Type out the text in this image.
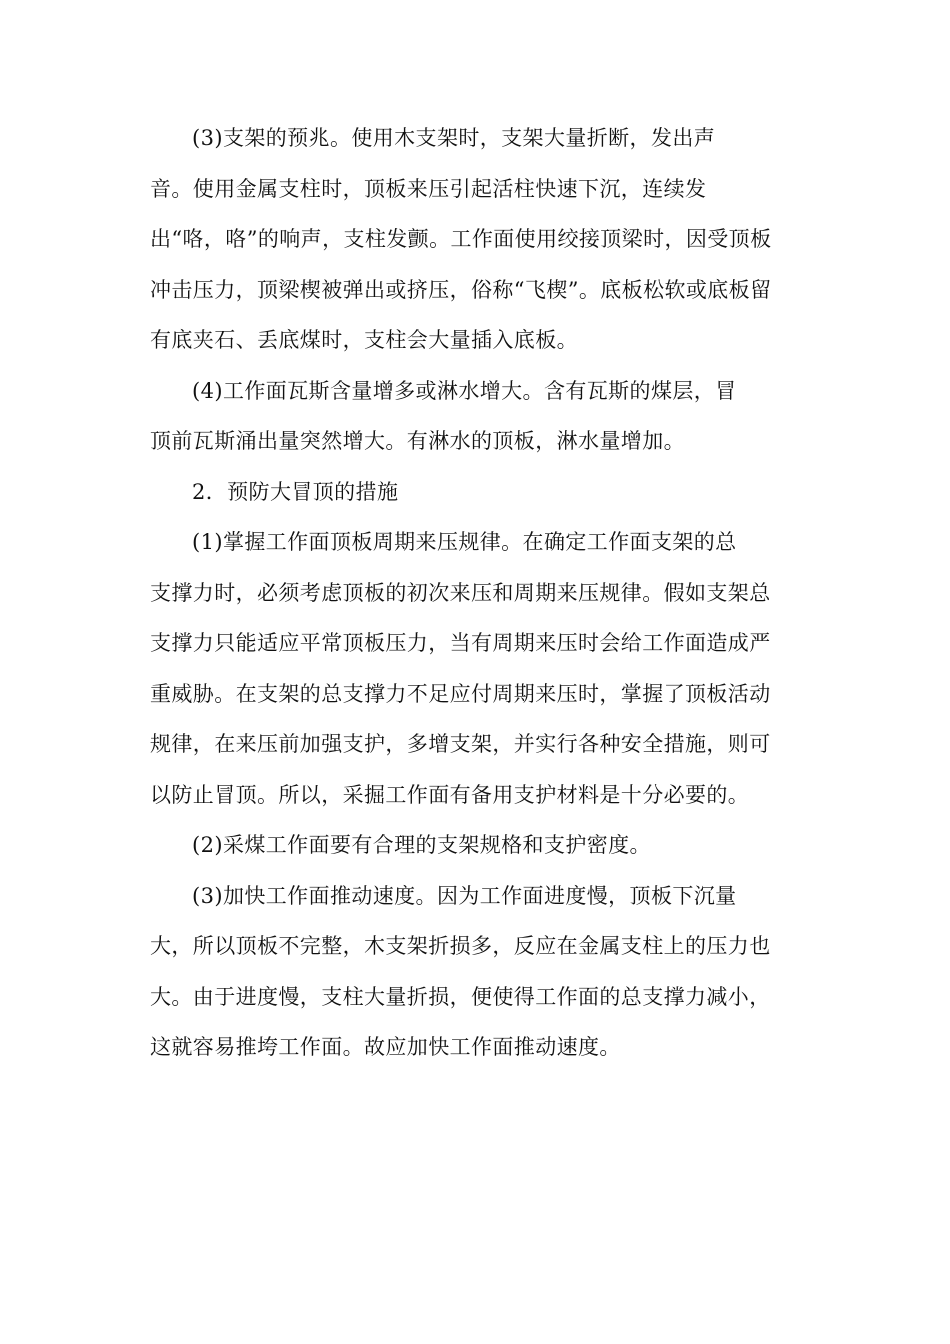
(3)支架的预兆。使用木支架时，支架大量折断，发出声
音。使用金属支柱时，顶板来压引起活柱快速下沉，连续发
出“咯，咯”的响声，支柱发颤。工作面使用绞接顶梁时，因受顶板
冲击压力，顶梁楔被弹出或挤压，俗称“飞楔”。底板松软或底板留
有底夹石、丢底煤时，支柱会大量插入底板。

(4)工作面瓦斯含量增多或淋水增大。含有瓦斯的煤层，冒
顶前瓦斯涌出量突然增大。有淋水的顶板，淋水量增加。

2．预防大冒顶的措施

(1)掌握工作面顶板周期来压规律。在确定工作面支架的总
支撑力时，必须考虑顶板的初次来压和周期来压规律。假如支架总
支撑力只能适应平常顶板压力，当有周期来压时会给工作面造成严
重威胁。在支架的总支撑力不足应付周期来压时，掌握了顶板活动
规律，在来压前加强支护，多增支架，并实行各种安全措施，则可
以防止冒顶。所以，采掘工作面有备用支护材料是十分必要的。

(2)采煤工作面要有合理的支架规格和支护密度。

(3)加快工作面推动速度。因为工作面进度慢，顶板下沉量
大，所以顶板不完整，木支架折损多，反应在金属支柱上的压力也
大。由于进度慢，支柱大量折损，便使得工作面的总支撑力减小，
这就容易推垮工作面。故应加快工作面推动速度。
